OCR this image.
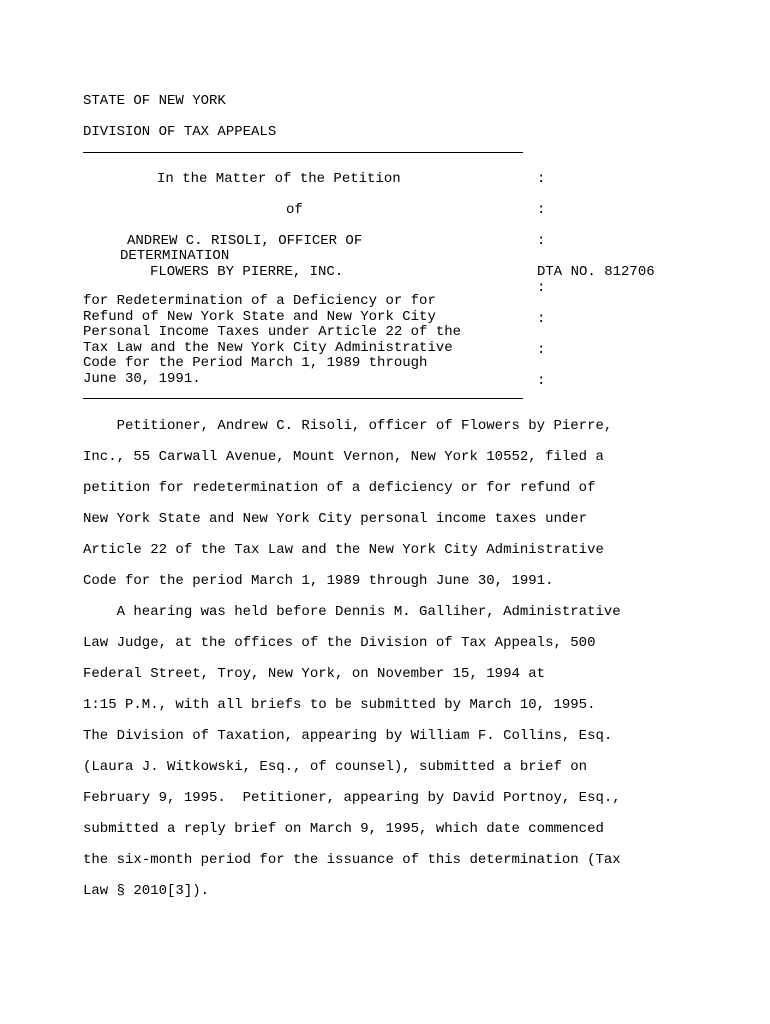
STATE OF NEW YORK
DIVISION OF TAX APPEALS
In the Matter of the Petition	:
of	:
ANDREW C. RISOLI, OFFICER OF	:
DETERMINATION
FLOWERS BY PIERRE, INC.	DTA NO. 812706
:
for Redetermination of a Deficiency or for
Refund of New York State and New York City
Personal Income Taxes under Article 22 of the
Tax Law and the New York City Administrative
Code for the Period March 1, 1989 through
June 30, 1991.
:
:
:
Petitioner, Andrew C. Risoli, officer of Flowers by Pierre,
Inc., 55 Carwall Avenue, Mount Vernon, New York 10552, filed a
petition for redetermination of a deficiency or for refund of
New York State and New York City personal income taxes under
Article 22 of the Tax Law and the New York City Administrative
Code for the period March 1, 1989 through June 30, 1991.
A hearing was held before Dennis M. Galliher, Administrative
Law Judge, at the offices of the Division of Tax Appeals, 500
Federal Street, Troy, New York, on November 15, 1994 at
1:15 P.M., with all briefs to be submitted by March 10, 1995.
The Division of Taxation, appearing by William F. Collins, Esq.
(Laura J. Witkowski, Esq., of counsel), submitted a brief on
February 9, 1995.  Petitioner, appearing by David Portnoy, Esq.,
submitted a reply brief on March 9, 1995, which date commenced
the six-month period for the issuance of this determination (Tax
Law § 2010[3]).
